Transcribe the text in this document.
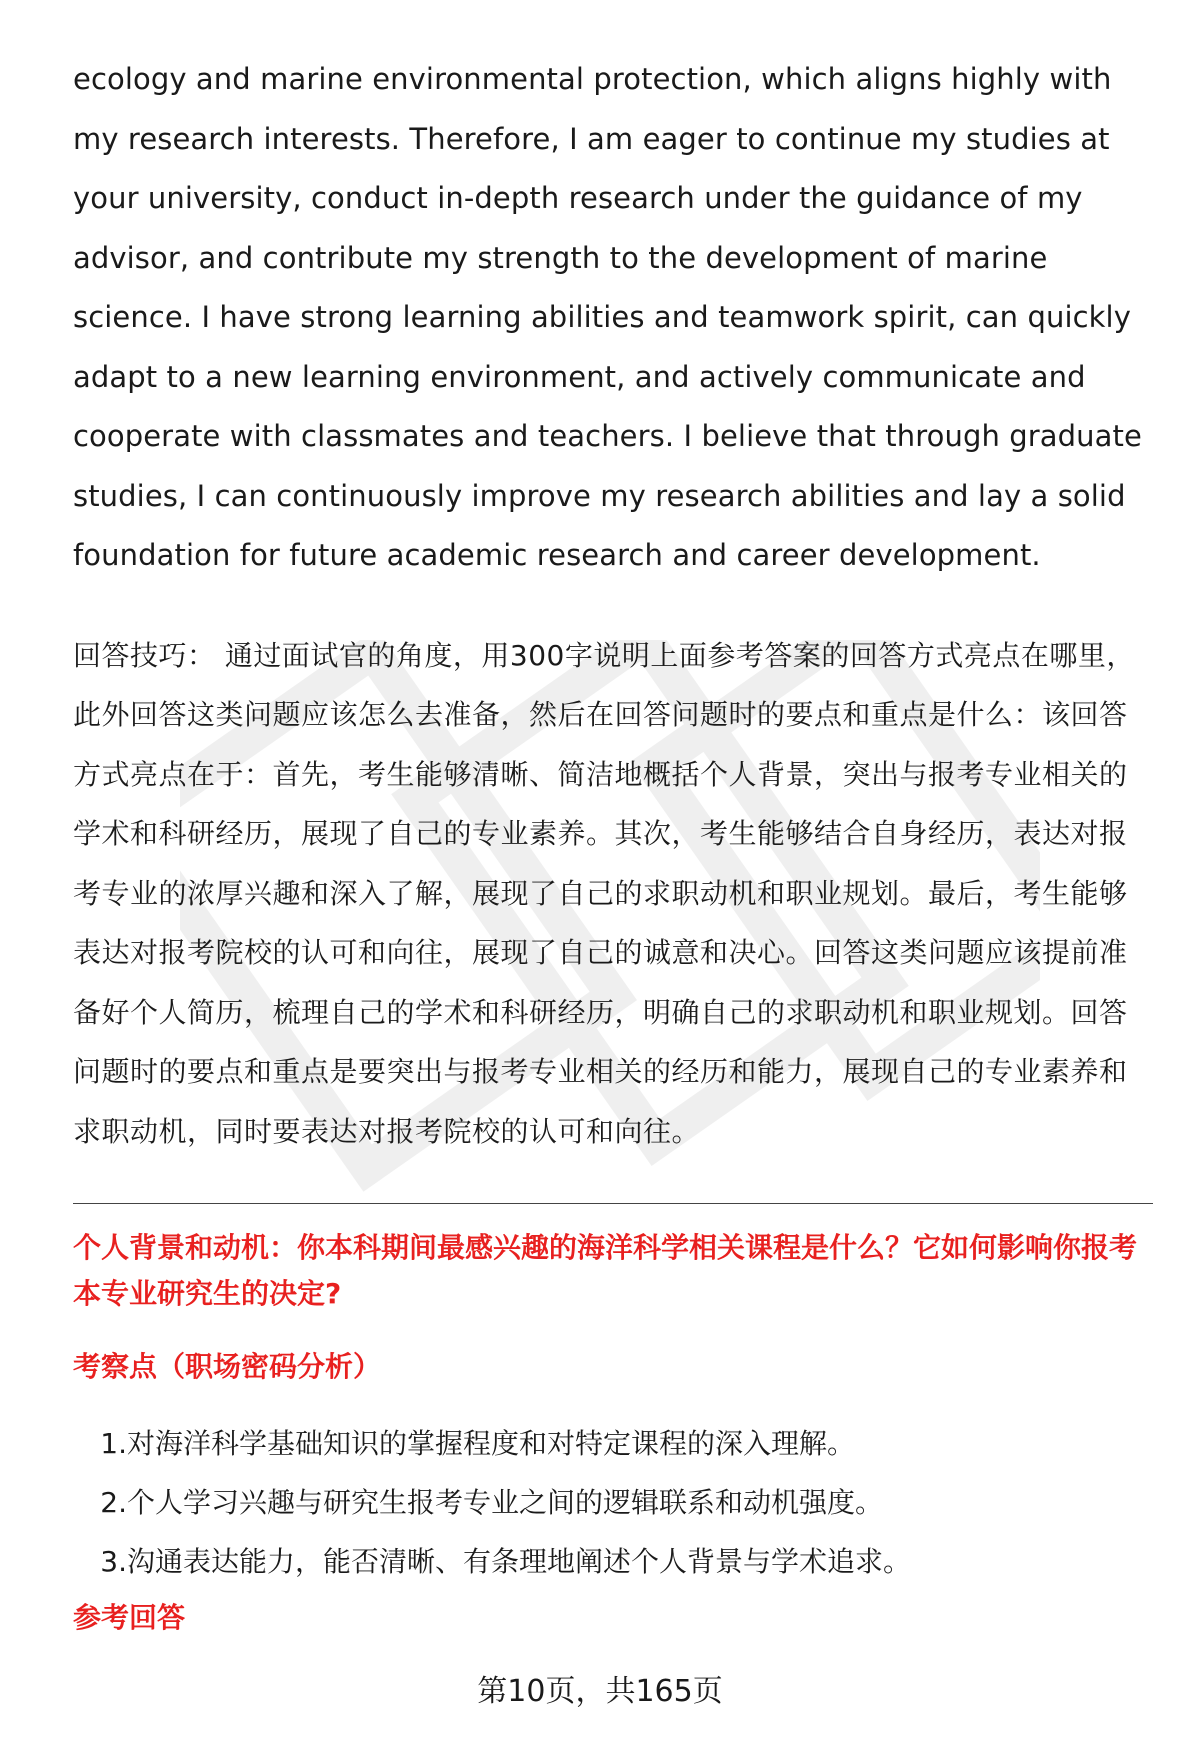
ecology and marine environmental protection, which aligns highly with my research interests. Therefore, I am eager to continue my studies at your university, conduct in-depth research under the guidance of my advisor, and contribute my strength to the development of marine science. I have strong learning abilities and teamwork spirit, can quickly adapt to a new learning environment, and actively communicate and cooperate with classmates and teachers. I believe that through graduate studies, I can continuously improve my research abilities and lay a solid foundation for future academic research and career development.

回答技巧： 通过面试官的角度，用300字说明上面参考答案的回答方式亮点在哪里，此外回答这类问题应该怎么去准备，然后在回答问题时的要点和重点是什么：该回答方式亮点在于：首先，考生能够清晰、简洁地概括个人背景，突出与报考专业相关的学术和科研经历，展现了自己的专业素养。其次，考生能够结合自身经历，表达对报考专业的浓厚兴趣和深入了解，展现了自己的求职动机和职业规划。最后，考生能够表达对报考院校的认可和向往，展现了自己的诚意和决心。回答这类问题应该提前准备好个人简历，梳理自己的学术和科研经历，明确自己的求职动机和职业规划。回答问题时的要点和重点是要突出与报考专业相关的经历和能力，展现自己的专业素养和求职动机，同时要表达对报考院校的认可和向往。

个人背景和动机：你本科期间最感兴趣的海洋科学相关课程是什么？它如何影响你报考本专业研究生的决定?

考察点（职场密码分析）

1. 对海洋科学基础知识的掌握程度和对特定课程的深入理解。
2. 个人学习兴趣与研究生报考专业之间的逻辑联系和动机强度。
3. 沟通表达能力，能否清晰、有条理地阐述个人背景与学术追求。

参考回答

第10页，共165页
